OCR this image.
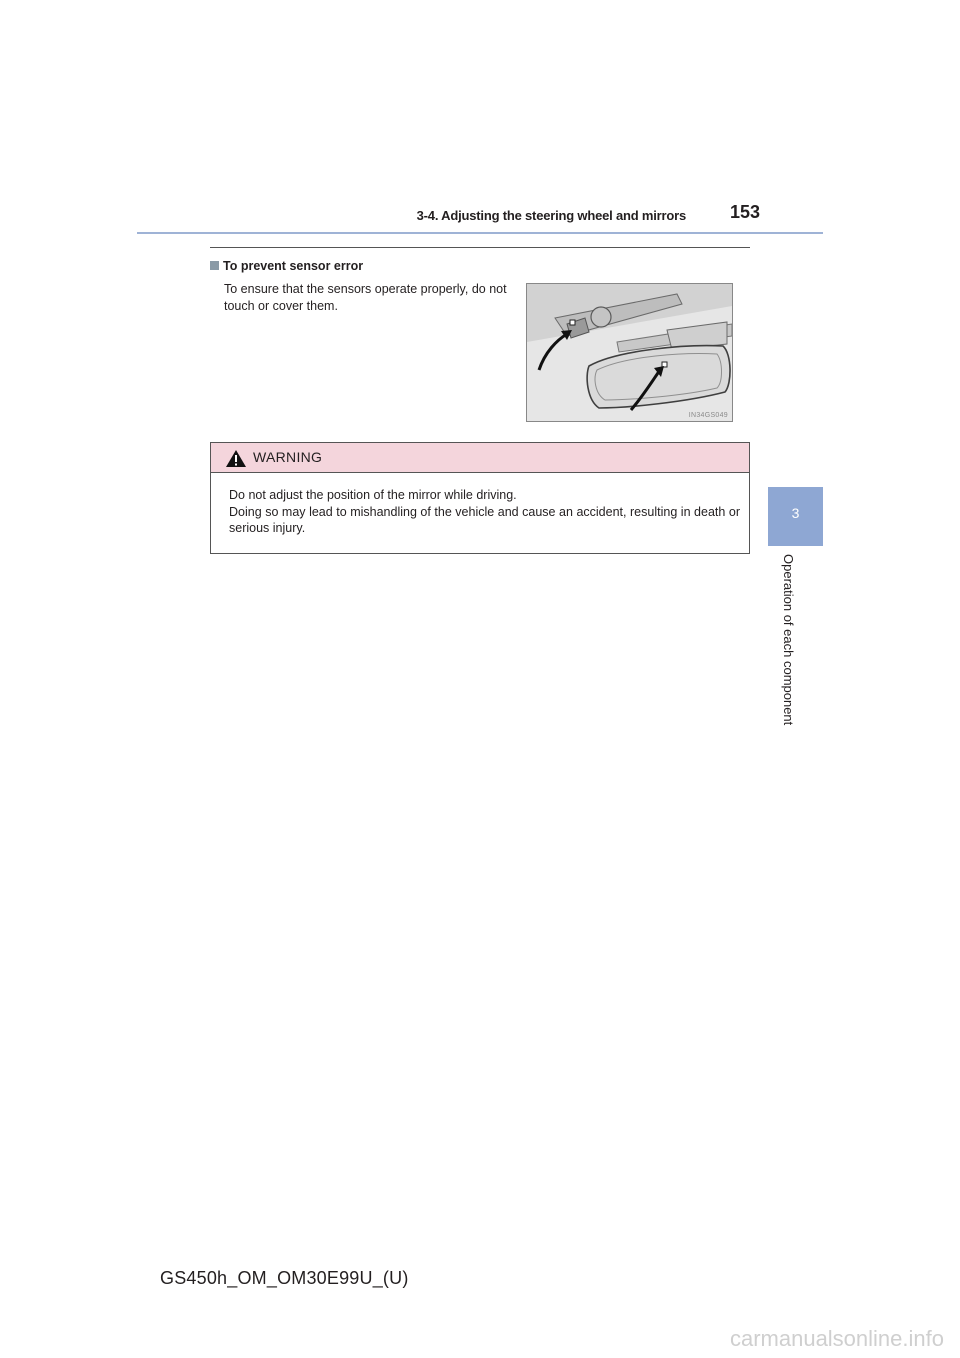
3-4. Adjusting the steering wheel and mirrors	153
3
Operation of each component
To prevent sensor error
To ensure that the sensors operate properly, do not touch or cover them.
IN34GS049
WARNING

Do not adjust the position of the mirror while driving.

Doing so may lead to mishandling of the vehicle and cause an accident, resulting in death or serious injury.

GS450h_OM_OM30E99U_(U)
carmanualsonline.info
